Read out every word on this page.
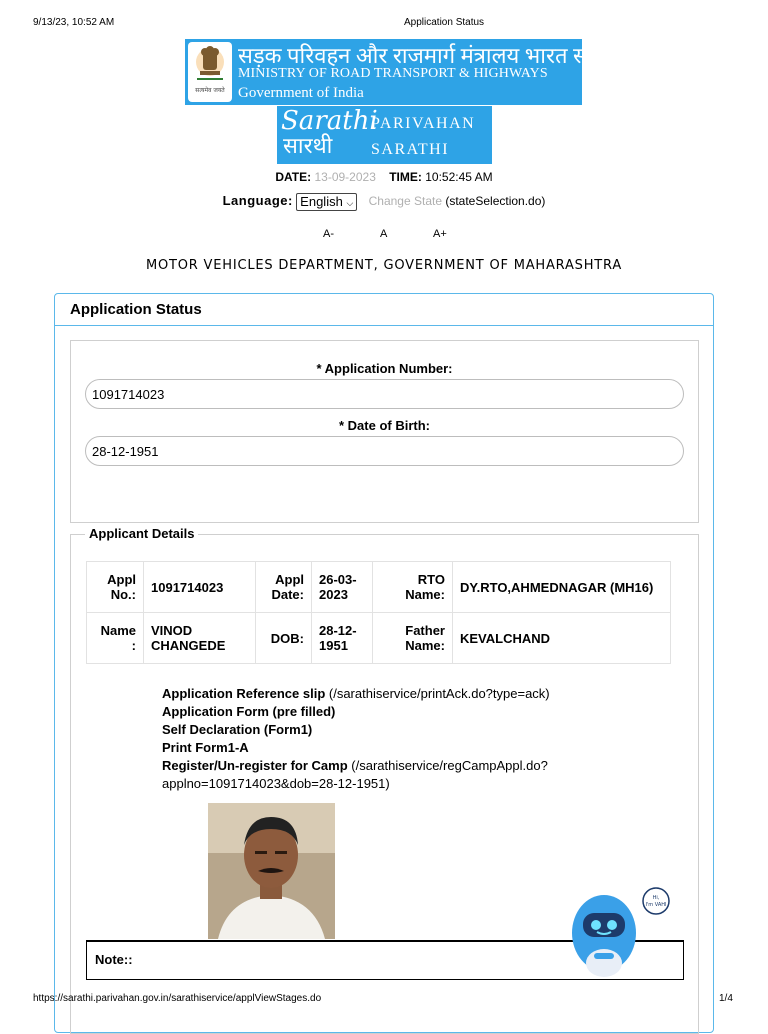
9/13/23, 10:52 AM	Application Status
सत्यमेव जयते
सड़क परिवहन और राजमार्ग मंत्रालय भारत सरकार
MINISTRY OF ROAD TRANSPORT & HIGHWAYS
Government of India
Sarathi
सारथी
PARIVAHAN
SARATHI
DATE: 13-09-2023 TIME: 10:52:45 AM
Language: English ⌵ Change State (stateSelection.do)
A-	A	A+
MOTOR VEHICLES DEPARTMENT, GOVERNMENT OF MAHARASHTRA
Application Status
* Application Number:
1091714023
* Date of Birth:
28-12-1951
Applicant Details
Appl No.:	1091714023	Appl Date:	26-03-2023	RTO Name:	DY.RTO,AHMEDNAGAR (MH16)
Name :	VINOD CHANGEDE	DOB:	28-12-1951	Father Name:	KEVALCHAND
Application Reference slip (/sarathiservice/printAck.do?type=ack)
Application Form (pre filled)
Self Declaration (Form1)
Print Form1-A
Register/Un-register for Camp (/sarathiservice/regCampAppl.do?
applno=1091714023&dob=28-12-1951)
Note::
Hi,
I'm VAHI
https://sarathi.parivahan.gov.in/sarathiservice/applViewStages.do	1/4
